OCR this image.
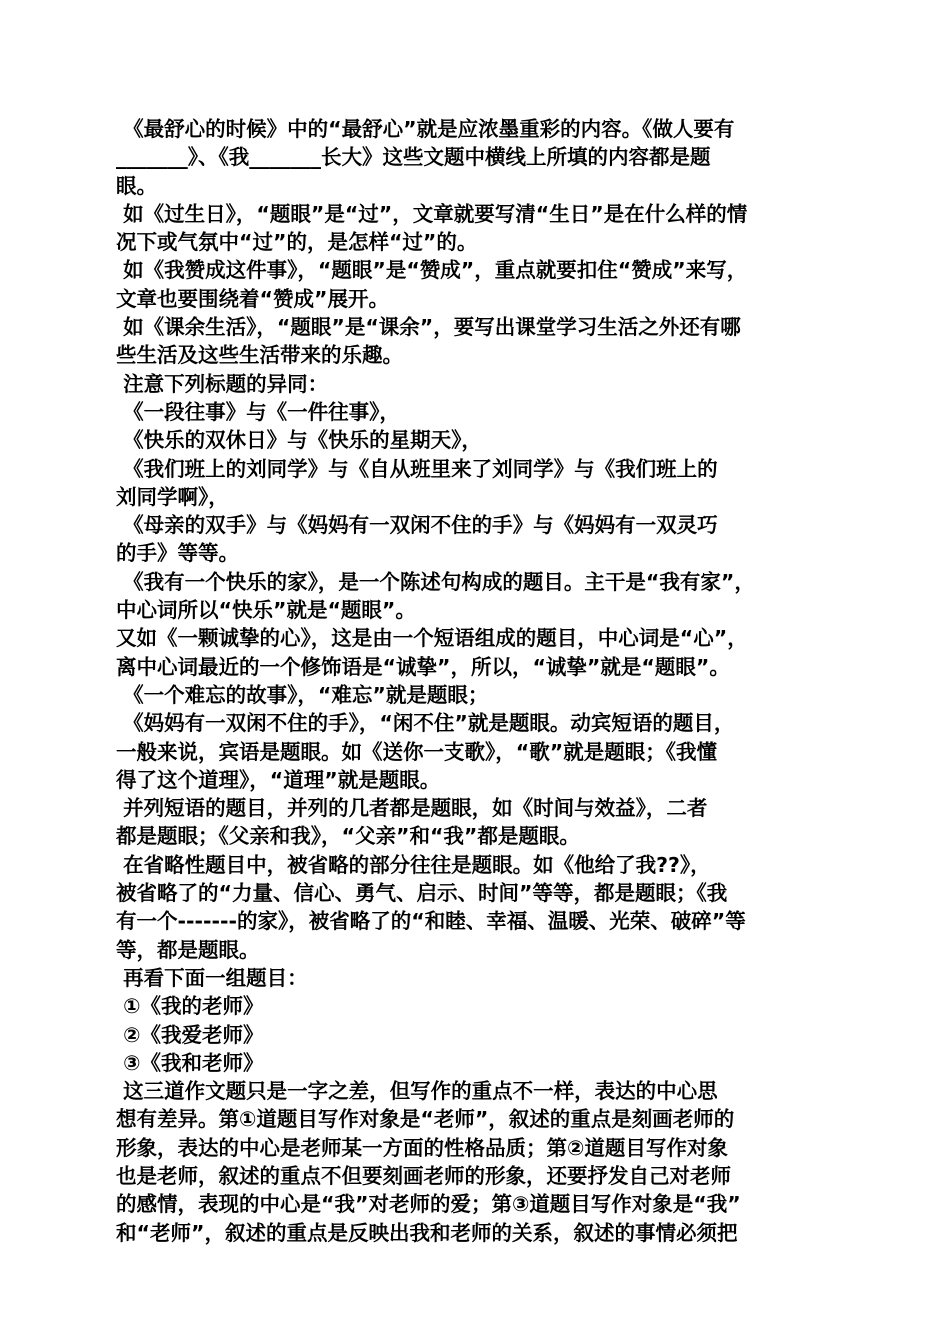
《最舒心的时候》中的“最舒心”就是应浓墨重彩的内容。《做人要有
_______》、《我_______长大》这些文题中横线上所填的内容都是题
眼。
如《过生日》，“题眼”是“过”，文章就要写清“生日”是在什么样的情
况下或气氛中“过”的，是怎样“过”的。
如《我赞成这件事》，“题眼”是“赞成”，重点就要扣住“赞成”来写，
文章也要围绕着“赞成”展开。
如《课余生活》，“题眼”是“课余”，要写出课堂学习生活之外还有哪
些生活及这些生活带来的乐趣。
注意下列标题的异同：
《一段往事》与《一件往事》，
《快乐的双休日》与《快乐的星期天》，
《我们班上的刘同学》与《自从班里来了刘同学》与《我们班上的
刘同学啊》，
《母亲的双手》与《妈妈有一双闲不住的手》与《妈妈有一双灵巧
的手》等等。
《我有一个快乐的家》，是一个陈述句构成的题目。主干是“我有家”，
中心词所以“快乐”就是“题眼”。
又如《一颗诚挚的心》，这是由一个短语组成的题目，中心词是“心”，
离中心词最近的一个修饰语是“诚挚”，所以，“诚挚”就是“题眼”。
《一个难忘的故事》，“难忘”就是题眼；
《妈妈有一双闲不住的手》，“闲不住”就是题眼。动宾短语的题目，
一般来说，宾语是题眼。如《送你一支歌》，“歌”就是题眼；《我懂
得了这个道理》，“道理”就是题眼。
并列短语的题目，并列的几者都是题眼，如《时间与效益》，二者
都是题眼；《父亲和我》，“父亲”和“我”都是题眼。
在省略性题目中，被省略的部分往往是题眼。如《他给了我??》，
被省略了的“力量、信心、勇气、启示、时间”等等，都是题眼；《我
有一个-------的家》，被省略了的“和睦、幸福、温暖、光荣、破碎”等
等，都是题眼。
再看下面一组题目：
①《我的老师》
②《我爱老师》
③《我和老师》
这三道作文题只是一字之差，但写作的重点不一样，表达的中心思
想有差异。第①道题目写作对象是“老师”，叙述的重点是刻画老师的
形象，表达的中心是老师某一方面的性格品质；第②道题目写作对象
也是老师，叙述的重点不但要刻画老师的形象，还要抒发自己对老师
的感情，表现的中心是“我”对老师的爱；第③道题目写作对象是“我”
和“老师”，叙述的重点是反映出我和老师的关系，叙述的事情必须把
